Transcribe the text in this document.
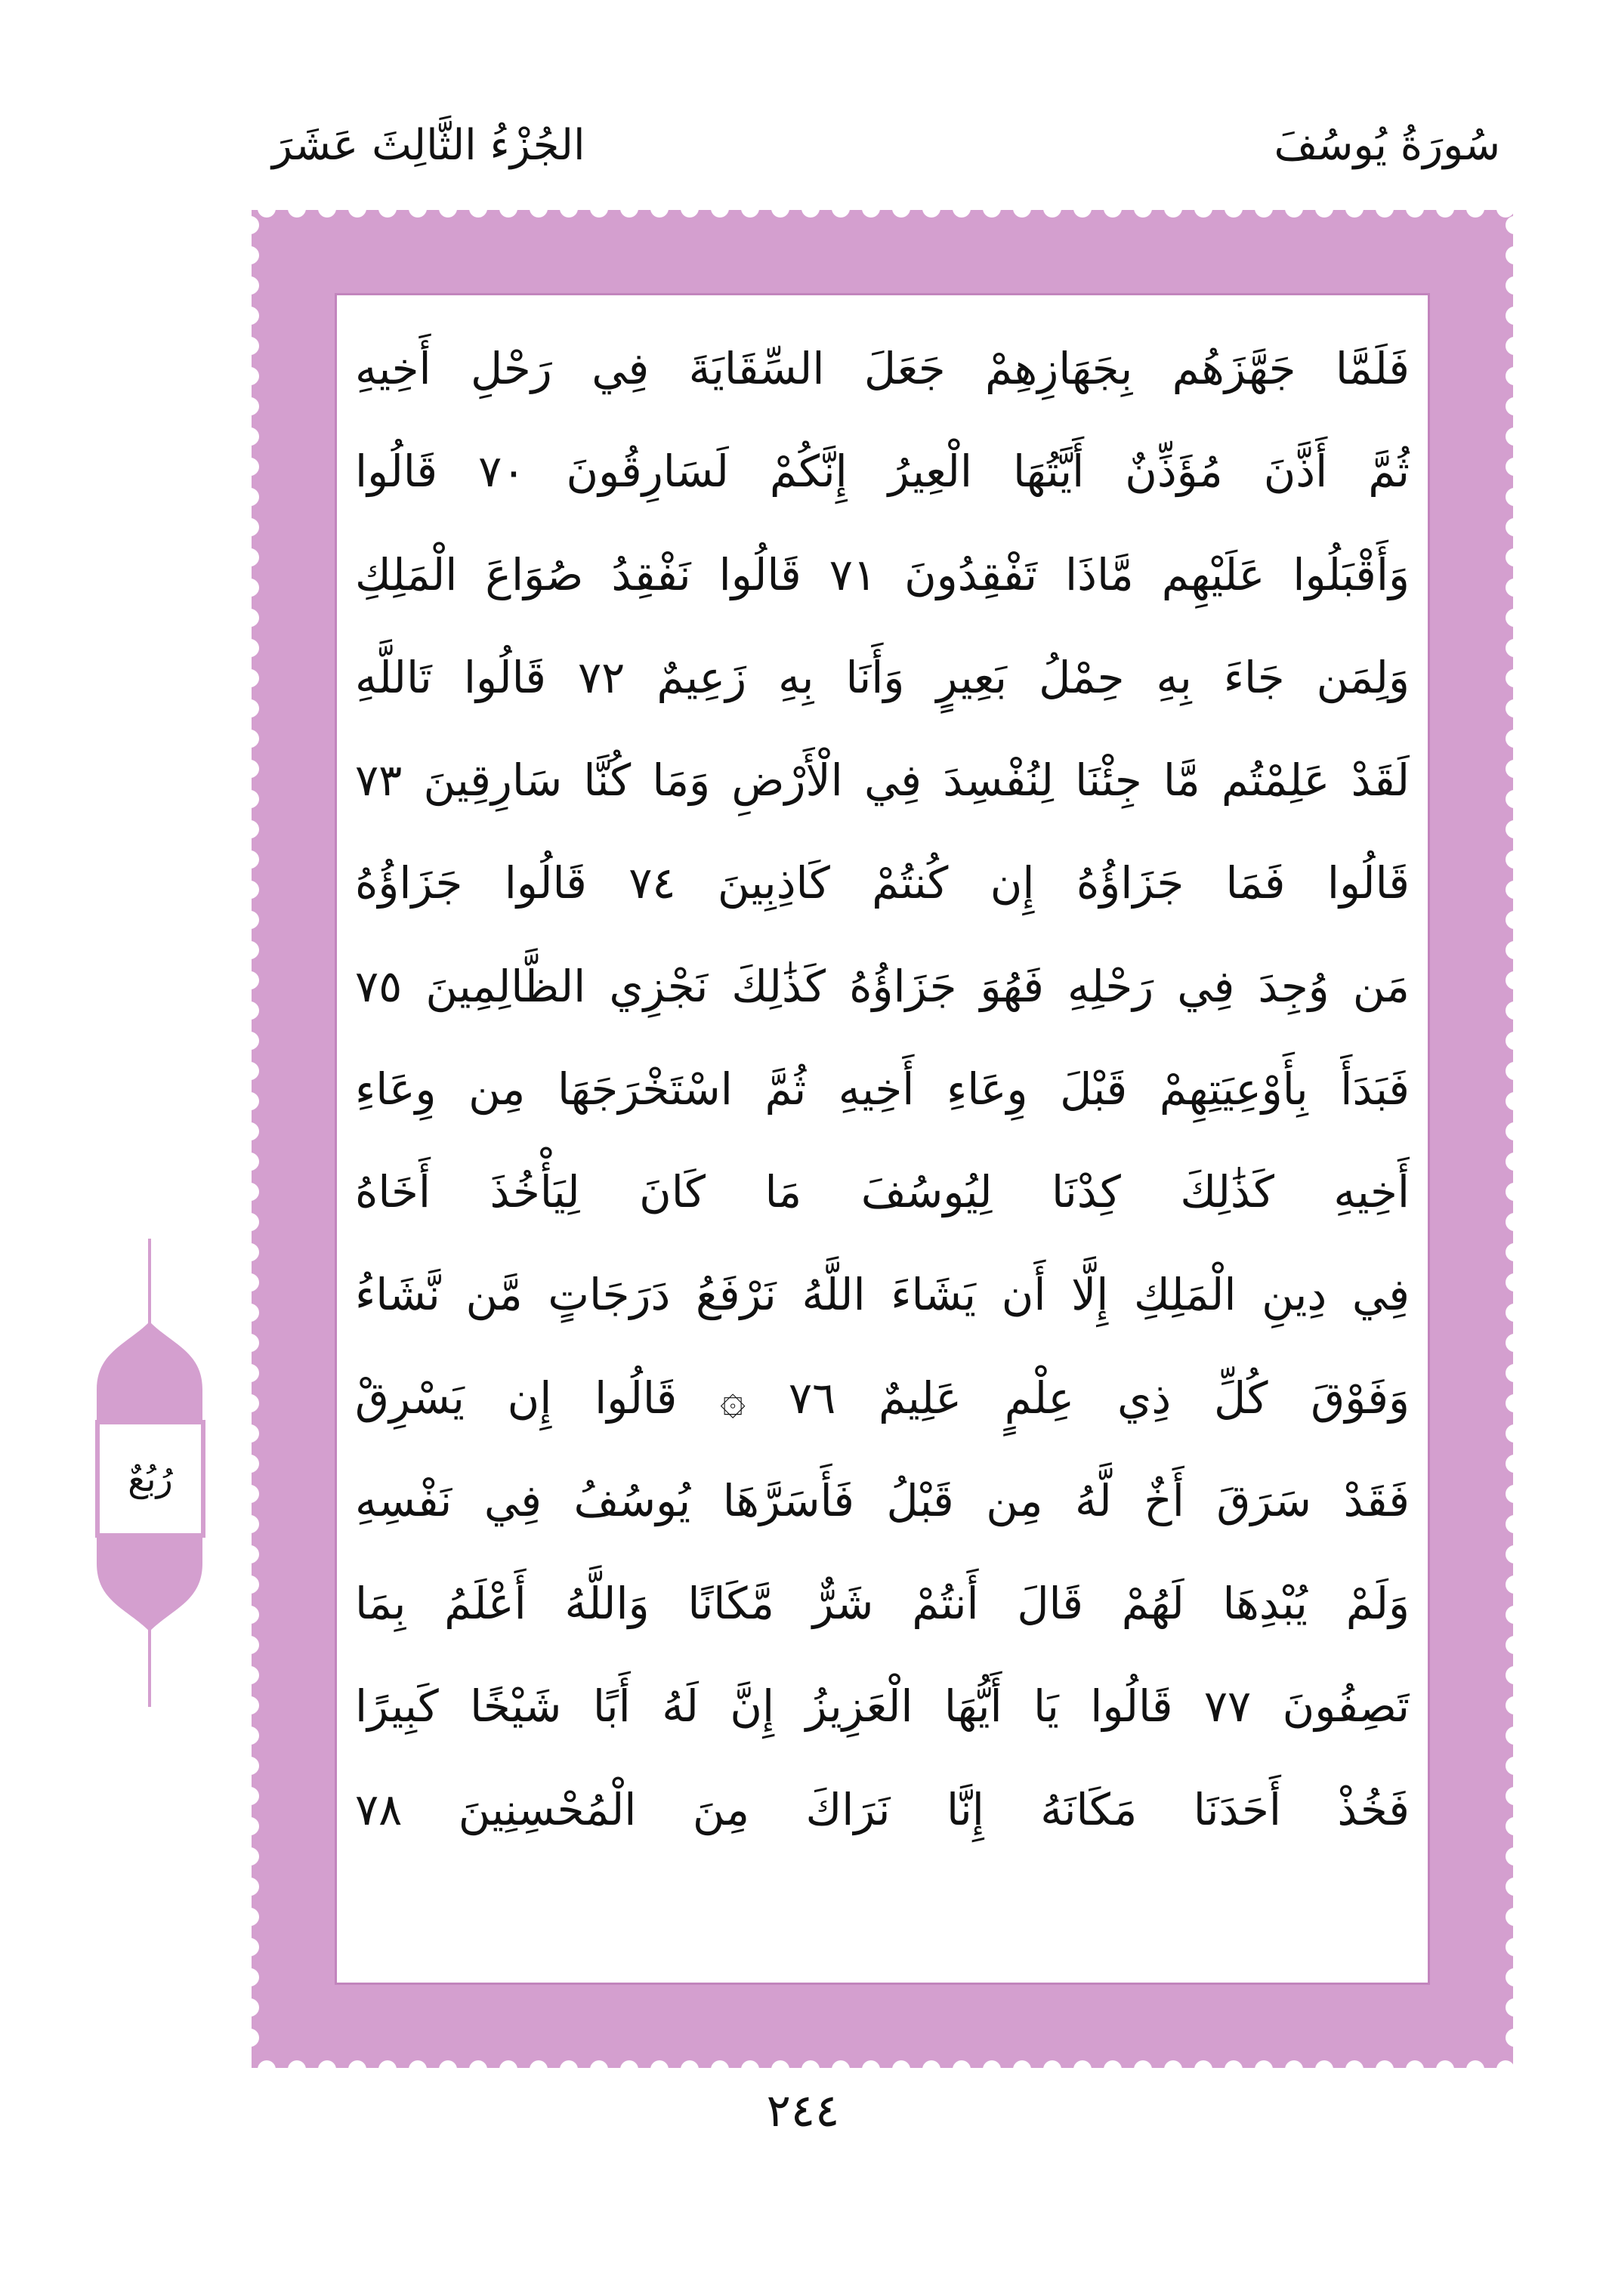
سُورَةُ يُوسُفَ
الجُزْءُ الثَّالِثَ عَشَرَ
فَلَمَّا جَهَّزَهُم بِجَهَازِهِمْ جَعَلَ السِّقَايَةَ فِي رَحْلِ أَخِيهِ
ثُمَّ أَذَّنَ مُؤَذِّنٌ أَيَّتُهَا الْعِيرُ إِنَّكُمْ لَسَارِقُونَ ٧٠ قَالُوا
وَأَقْبَلُوا عَلَيْهِم مَّاذَا تَفْقِدُونَ ٧١ قَالُوا نَفْقِدُ صُوَاعَ الْمَلِكِ
وَلِمَن جَاءَ بِهِ حِمْلُ بَعِيرٍ وَأَنَا بِهِ زَعِيمٌ ٧٢ قَالُوا تَاللَّهِ
لَقَدْ عَلِمْتُم مَّا جِئْنَا لِنُفْسِدَ فِي الْأَرْضِ وَمَا كُنَّا سَارِقِينَ ٧٣
قَالُوا فَمَا جَزَاؤُهُ إِن كُنتُمْ كَاذِبِينَ ٧٤ قَالُوا جَزَاؤُهُ
مَن وُجِدَ فِي رَحْلِهِ فَهُوَ جَزَاؤُهُ كَذَٰلِكَ نَجْزِي الظَّالِمِينَ ٧٥
فَبَدَأَ بِأَوْعِيَتِهِمْ قَبْلَ وِعَاءِ أَخِيهِ ثُمَّ اسْتَخْرَجَهَا مِن وِعَاءِ
أَخِيهِ كَذَٰلِكَ كِدْنَا لِيُوسُفَ مَا كَانَ لِيَأْخُذَ أَخَاهُ
فِي دِينِ الْمَلِكِ إِلَّا أَن يَشَاءَ اللَّهُ نَرْفَعُ دَرَجَاتٍ مَّن نَّشَاءُ
وَفَوْقَ كُلِّ ذِي عِلْمٍ عَلِيمٌ ٧٦ ۞ قَالُوا إِن يَسْرِقْ
فَقَدْ سَرَقَ أَخٌ لَّهُ مِن قَبْلُ فَأَسَرَّهَا يُوسُفُ فِي نَفْسِهِ
وَلَمْ يُبْدِهَا لَهُمْ قَالَ أَنتُمْ شَرٌّ مَّكَانًا وَاللَّهُ أَعْلَمُ بِمَا
تَصِفُونَ ٧٧ قَالُوا يَا أَيُّهَا الْعَزِيزُ إِنَّ لَهُ أَبًا شَيْخًا كَبِيرًا
فَخُذْ أَحَدَنَا مَكَانَهُ إِنَّا نَرَاكَ مِنَ الْمُحْسِنِينَ ٧٨
رُبُعٌ
٢٤٤
